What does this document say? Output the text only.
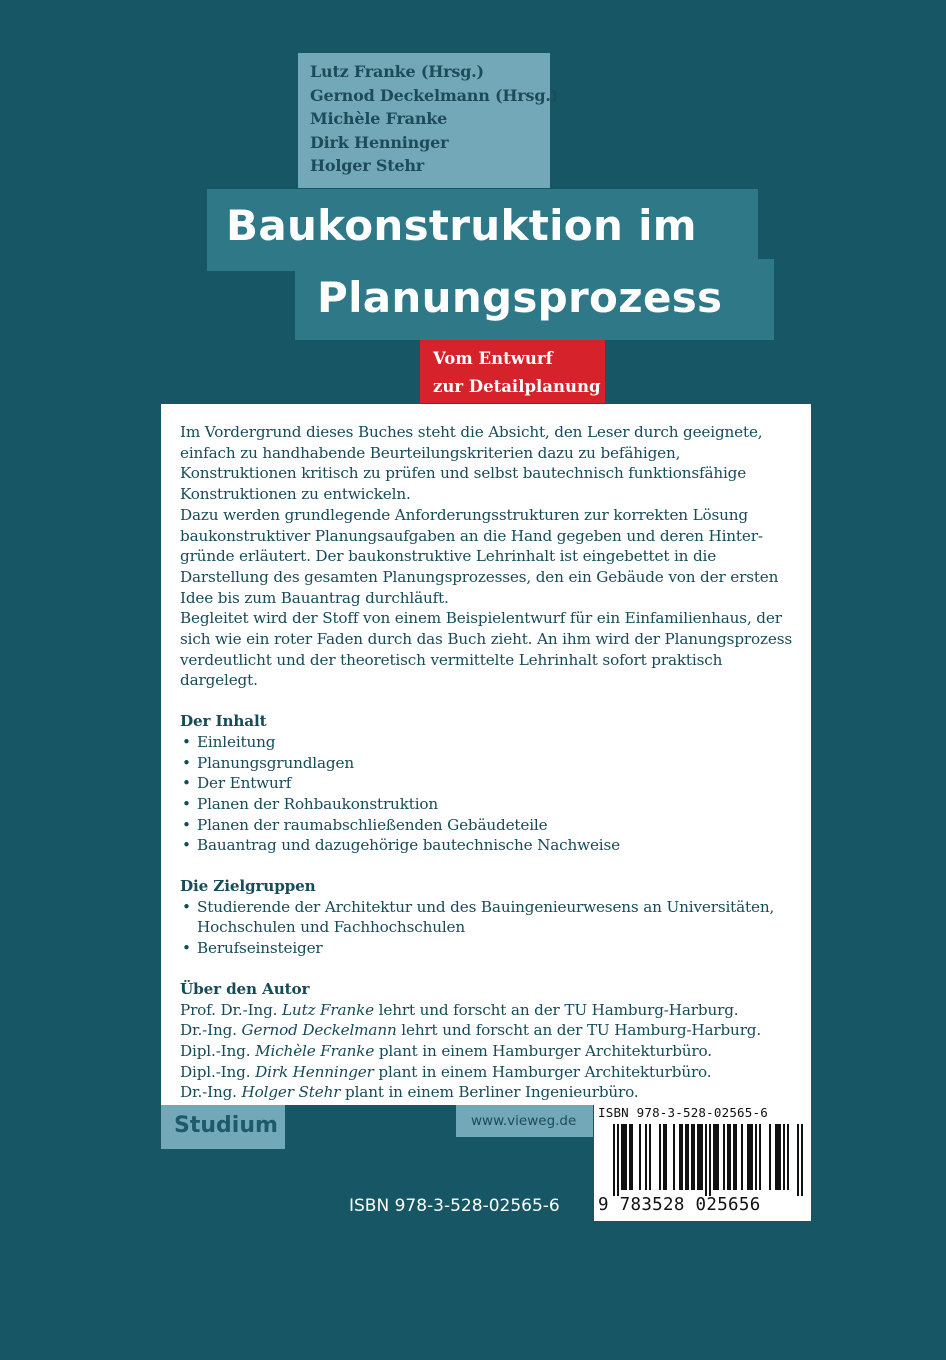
Lutz Franke (Hrsg.)
Gernod Deckelmann (Hrsg.)
Michèle Franke
Dirk Henninger
Holger Stehr
Baukonstruktion im
Planungsprozess
Vom Entwurf
zur Detailplanung

Im Vordergrund dieses Buches steht die Absicht, den Leser durch geeignete, einfach zu handhabende Beurteilungskriterien dazu zu befähigen, Konstruktionen kritisch zu prüfen und selbst bautechnisch funktionsfähige Konstruktionen zu entwickeln.

Dazu werden grundlegende Anforderungsstrukturen zur korrekten Lösung baukonstruktiver Planungsaufgaben an die Hand gegeben und deren Hintergründe erläutert. Der baukonstruktive Lehrinhalt ist eingebettet in die Darstellung des gesamten Planungsprozesses, den ein Gebäude von der ersten Idee bis zum Bauantrag durchläuft.

Begleitet wird der Stoff von einem Beispielentwurf für ein Einfamilienhaus, der sich wie ein roter Faden durch das Buch zieht. An ihm wird der Planungsprozess verdeutlicht und der theoretisch vermittelte Lehrinhalt sofort praktisch dargelegt.

Der Inhalt
• Einleitung
• Planungsgrundlagen
• Der Entwurf
• Planen der Rohbaukonstruktion
• Planen der raumabschließenden Gebäudeteile
• Bauantrag und dazugehörige bautechnische Nachweise
Die Zielgruppen
• Studierende der Architektur und des Bauingenieurwesens an Universitäten, Hochschulen und Fachhochschulen
• Berufseinsteiger
Über den Autor
Prof. Dr.-Ing. Lutz Franke lehrt und forscht an der TU Hamburg-Harburg.
Dr.-Ing. Gernod Deckelmann lehrt und forscht an der TU Hamburg-Harburg.
Dipl.-Ing. Michèle Franke plant in einem Hamburger Architekturbüro.
Dipl.-Ing. Dirk Henninger plant in einem Hamburger Architekturbüro.
Dr.-Ing. Holger Stehr plant in einem Berliner Ingenieurbüro.
Studium	www.vieweg.de
ISBN 978-3-528-02565-6
9 783528 025656
ISBN 978-3-528-02565-6
